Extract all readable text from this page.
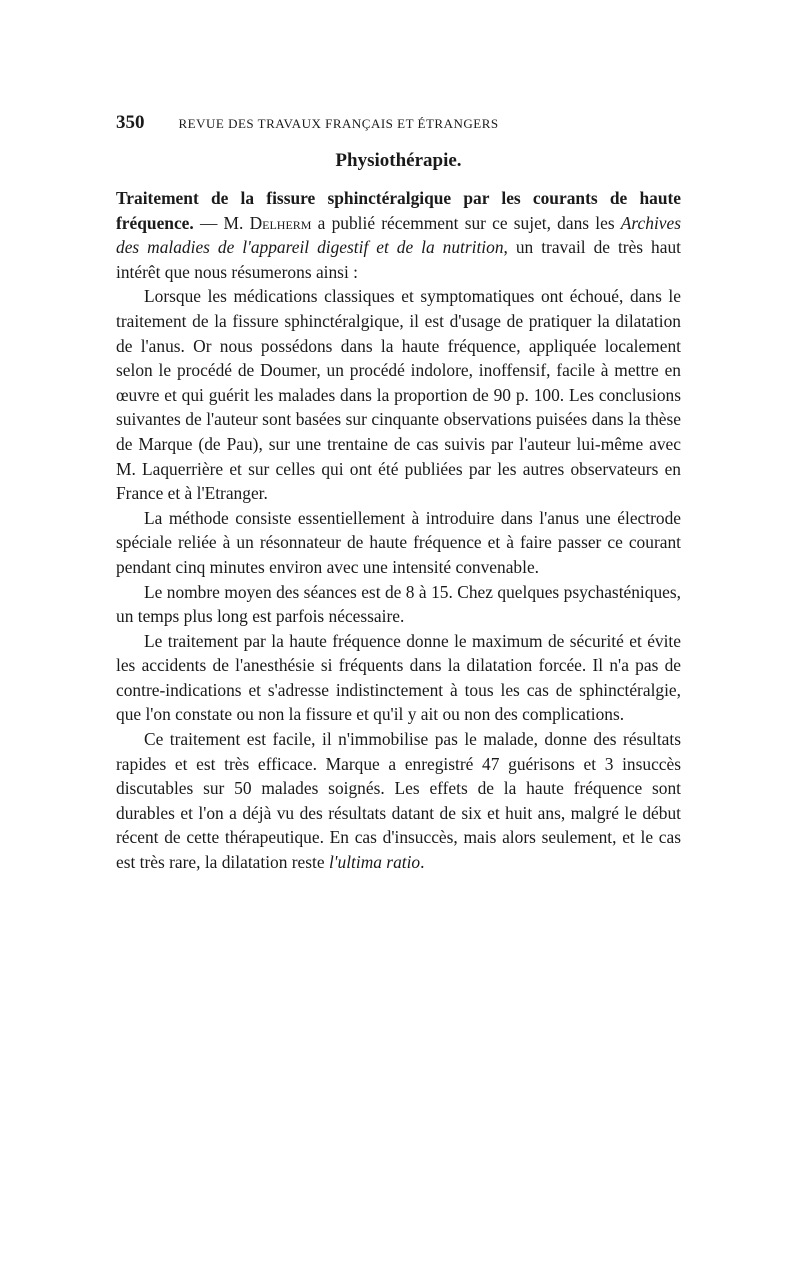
350	REVUE DES TRAVAUX FRANÇAIS ET ÉTRANGERS
Physiothérapie.

Traitement de la fissure sphinctéralgique par les courants de haute fréquence. — M. Delherm a publié récemment sur ce sujet, dans les Archives des maladies de l'appareil digestif et de la nutrition, un travail de très haut intérêt que nous résumerons ainsi :

Lorsque les médications classiques et symptomatiques ont échoué, dans le traitement de la fissure sphinctéralgique, il est d'usage de pratiquer la dilatation de l'anus. Or nous possédons dans la haute fréquence, appliquée localement selon le procédé de Doumer, un procédé indolore, inoffensif, facile à mettre en œuvre et qui guérit les malades dans la proportion de 90 p. 100. Les conclusions suivantes de l'auteur sont basées sur cinquante observations puisées dans la thèse de Marque (de Pau), sur une trentaine de cas suivis par l'auteur lui-même avec M. Laquerrière et sur celles qui ont été publiées par les autres observateurs en France et à l'Etranger.

La méthode consiste essentiellement à introduire dans l'anus une électrode spéciale reliée à un résonnateur de haute fréquence et à faire passer ce courant pendant cinq minutes environ avec une intensité convenable.

Le nombre moyen des séances est de 8 à 15. Chez quelques psychasténiques, un temps plus long est parfois nécessaire.

Le traitement par la haute fréquence donne le maximum de sécurité et évite les accidents de l'anesthésie si fréquents dans la dilatation forcée. Il n'a pas de contre-indications et s'adresse indistinctement à tous les cas de sphinctéralgie, que l'on constate ou non la fissure et qu'il y ait ou non des complications.

Ce traitement est facile, il n'immobilise pas le malade, donne des résultats rapides et est très efficace. Marque a enregistré 47 guérisons et 3 insuccès discutables sur 50 malades soignés. Les effets de la haute fréquence sont durables et l'on a déjà vu des résultats datant de six et huit ans, malgré le début récent de cette thérapeutique. En cas d'insuccès, mais alors seulement, et le cas est très rare, la dilatation reste l'ultima ratio.
